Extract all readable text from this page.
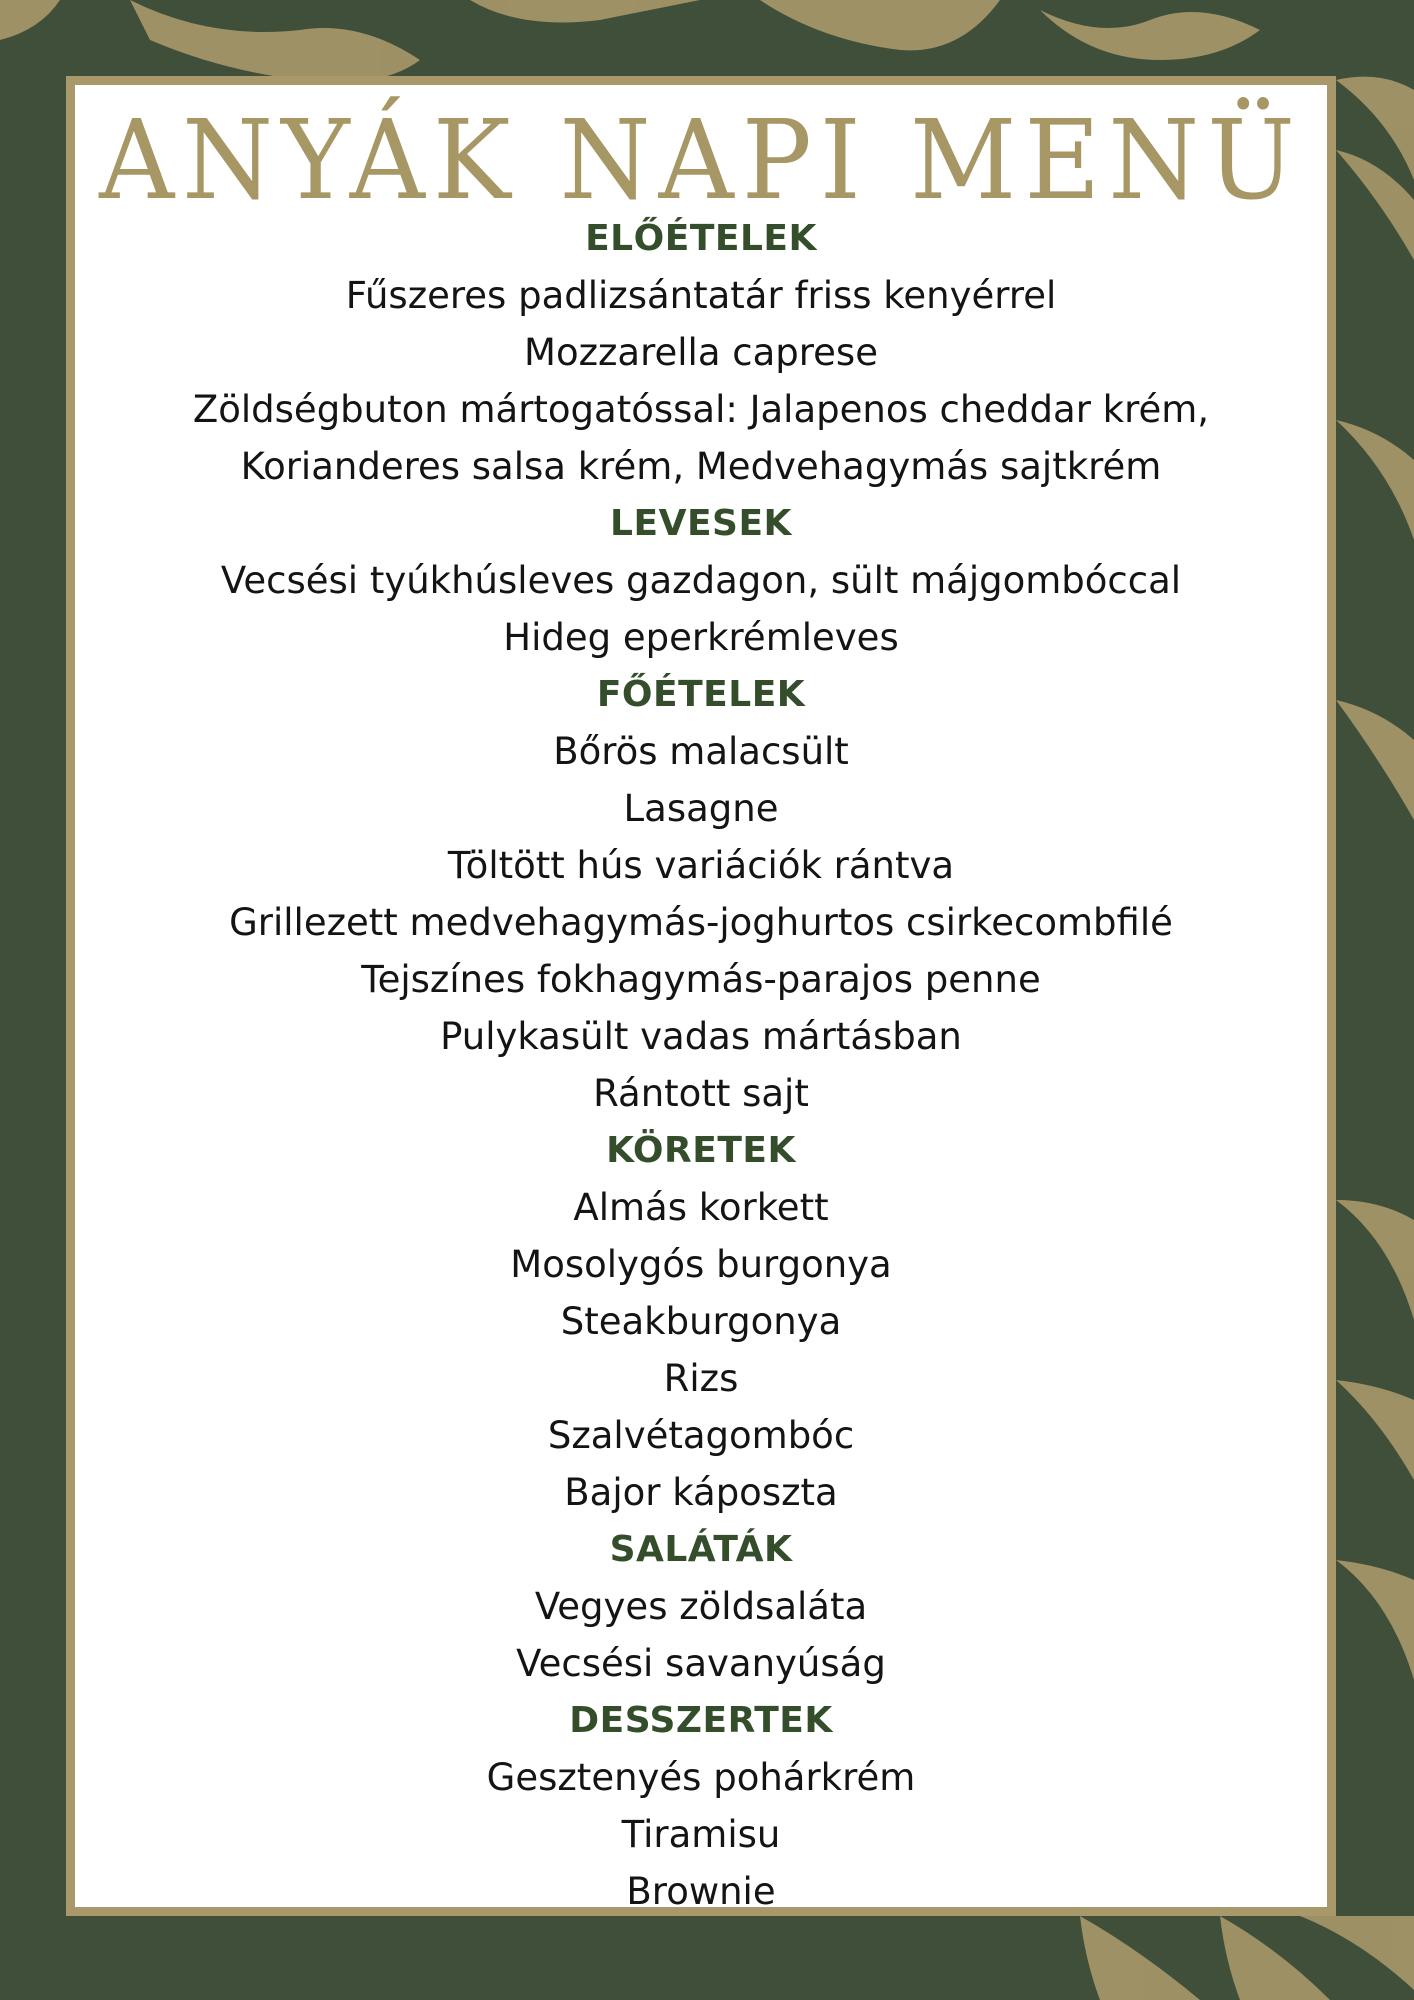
ANYÁK NAPI MENÜ
ELŐÉTELEK
Fűszeres padlizsántatár friss kenyérrel
Mozzarella caprese
Zöldségbuton mártogatóssal: Jalapenos cheddar krém,
Korianderes salsa krém, Medvehagymás sajtkrém
LEVESEK
Vecsési tyúkhúsleves gazdagon, sült májgombóccal
Hideg eperkrémleves
FŐÉTELEK
Bőrös malacsült
Lasagne
Töltött hús variációk rántva
Grillezett medvehagymás-joghurtos csirkecombfilé
Tejszínes fokhagymás-parajos penne
Pulykasült vadas mártásban
Rántott sajt
KÖRETEK
Almás korkett
Mosolygós burgonya
Steakburgonya
Rizs
Szalvétagombóc
Bajor káposzta
SALÁTÁK
Vegyes zöldsaláta
Vecsési savanyúság
DESSZERTEK
Gesztenyés pohárkrém
Tiramisu
Brownie
